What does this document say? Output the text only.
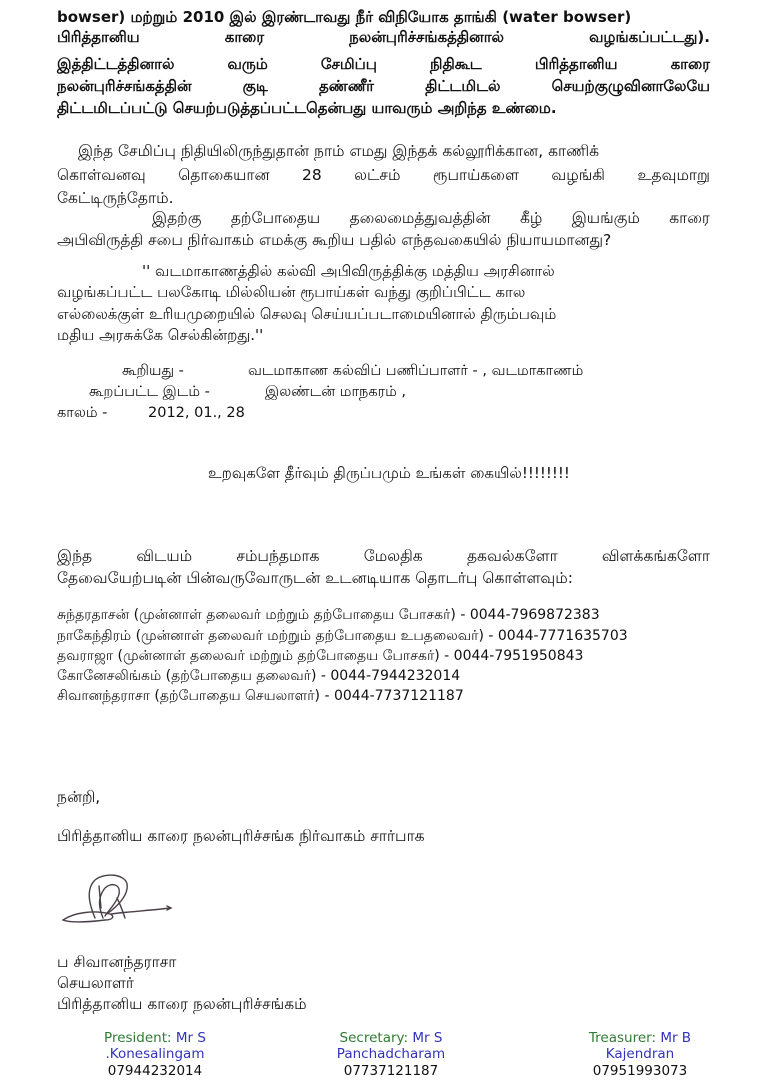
bowser) மற்றும் 2010 இல் இரண்டாவது நீர் விநியோக தாங்கி (water bowser)
பிரித்தானிய	காரை	நலன்புரிச்சங்கத்தினால்	வழங்கப்பட்டது).
இத்திட்டத்தினால்	வரும்	சேமிப்பு	நிதிகூட	பிரித்தானிய	காரை
நலன்புரிச்சங்கத்தின்	குடி	தண்ணீர்	திட்டமிடல்	செயற்குழுவினாலேயே
திட்டமிடப்பட்டு செயற்படுத்தப்பட்டதென்பது யாவரும் அறிந்த உண்மை.
இந்த சேமிப்பு நிதியிலிருந்துதான் நாம் எமது இந்தக் கல்லூரிக்கான, காணிக்
கொள்வனவு தொகையான 28 லட்சம் ரூபாய்களை வழங்கி உதவுமாறு
கேட்டிருந்தோம்.
இதற்கு தற்போதைய தலைமைத்துவத்தின் கீழ் இயங்கும் காரை
அபிவிருத்தி சபை நிர்வாகம் எமக்கு கூறிய பதில் எந்தவகையில் நியாயமானது?
'' வடமாகாணத்தில் கல்வி அபிவிருத்திக்கு மத்திய அரசினால்
வழங்கப்பட்ட பலகோடி மில்லியன் ரூபாய்கள் வந்து குறிப்பிட்ட கால
எல்லைக்குள் உரியமுறையில் செலவு செய்யப்படாமையினால் திரும்பவும்
மதிய அரசுக்கே செல்கின்றது.''
கூறியது -	வடமாகாண கல்விப் பணிப்பாளர் - , வடமாகாணம்
கூறப்பட்ட இடம் -	இலண்டன் மாநகரம் ,
காலம் -	2012, 01., 28
உறவுகளே தீர்வும் திருப்பமும் உங்கள் கையில்!!!!!!!!
இந்த	விடயம்	சம்பந்தமாக	மேலதிக	தகவல்களோ	விளக்கங்களோ
தேவையேற்படின் பின்வருவோருடன் உடனடியாக தொடர்பு கொள்ளவும்:
சுந்தரதாசன் (முன்னாள் தலைவர் மற்றும் தற்போதைய போசகர்) - 0044-7969872383
நாகேந்திரம் (முன்னாள் தலைவர் மற்றும் தற்போதைய உபதலைவர்) - 0044-7771635703
தவராஜா (முன்னாள் தலைவர் மற்றும் தற்போதைய போசகர்) - 0044-7951950843
கோனேசலிங்கம் (தற்போதைய தலைவர்) - 0044-7944232014
சிவானந்தராசா (தற்போதைய செயலாளர்) - 0044-7737121187
நன்றி,
பிரித்தானிய காரை நலன்புரிச்சங்க நிர்வாகம் சார்பாக
ப சிவானந்தராசா
செயலாளர்
பிரித்தானிய காரை நலன்புரிச்சங்கம்
President: Mr S .Konesalingam
07944232014
Secretary: Mr S Panchadcharam
07737121187
Treasurer: Mr B Kajendran
07951993073
